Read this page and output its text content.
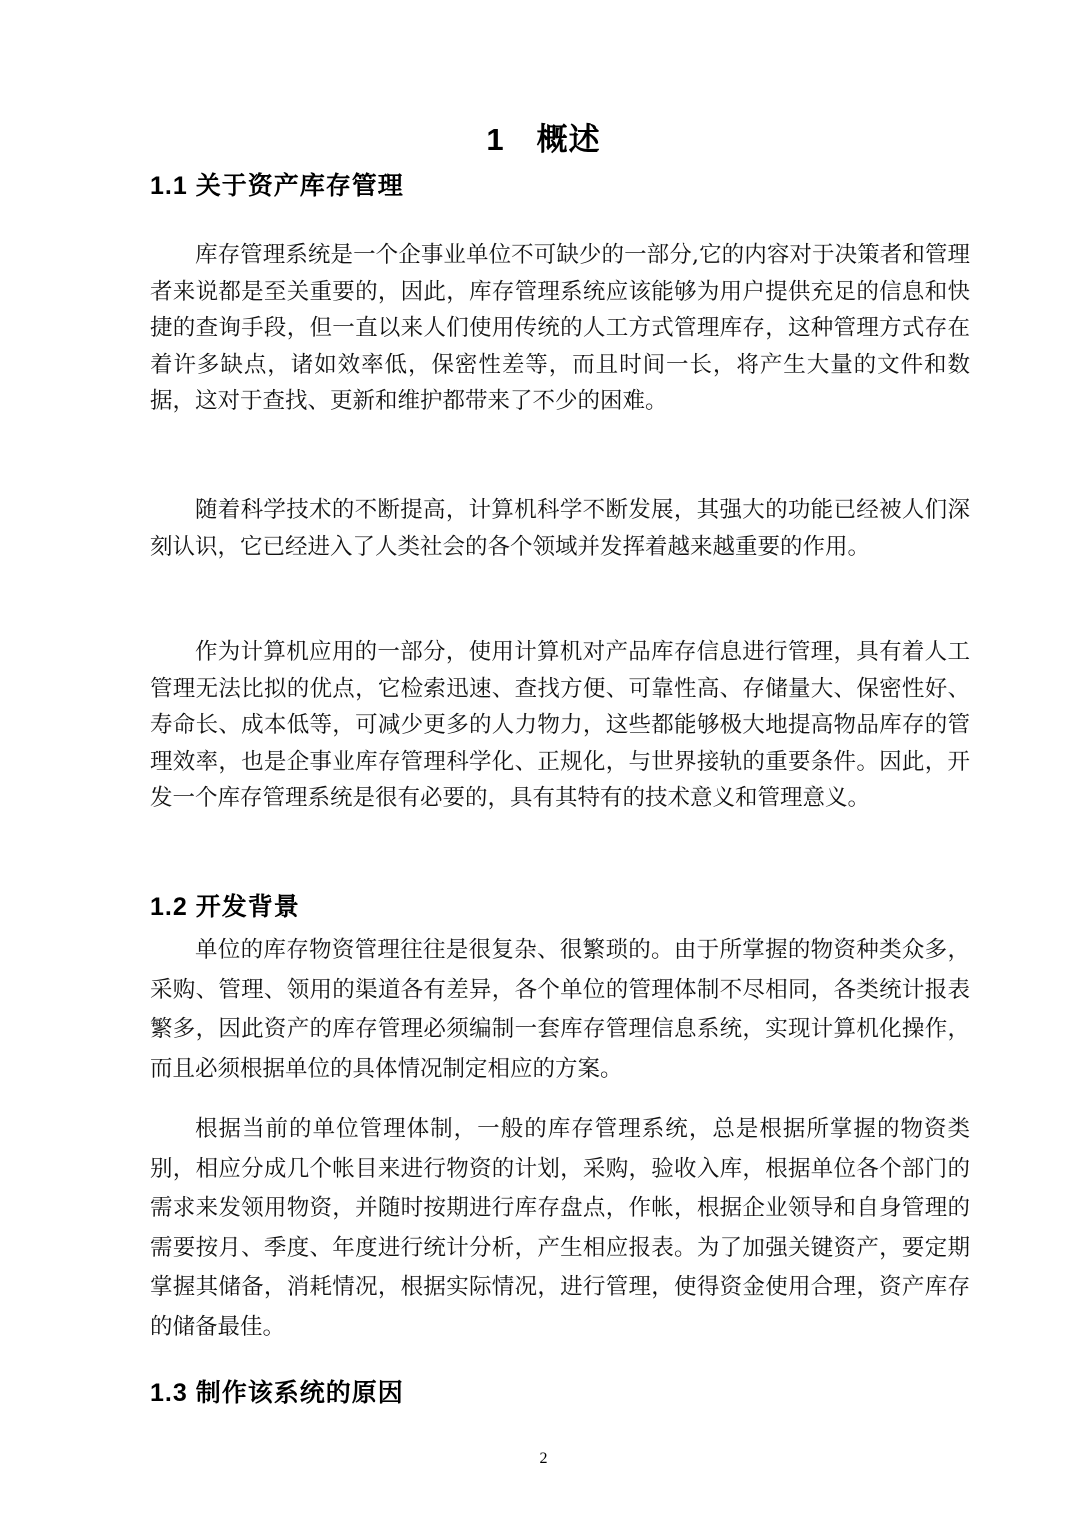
1　概述
1.1 关于资产库存管理

库存管理系统是一个企事业单位不可缺少的一部分,它的内容对于决策者和管理者来说都是至关重要的，因此，库存管理系统应该能够为用户提供充足的信息和快捷的查询手段，但一直以来人们使用传统的人工方式管理库存，这种管理方式存在着许多缺点，诸如效率低，保密性差等，而且时间一长，将产生大量的文件和数据，这对于查找、更新和维护都带来了不少的困难。

随着科学技术的不断提高，计算机科学不断发展，其强大的功能已经被人们深刻认识，它已经进入了人类社会的各个领域并发挥着越来越重要的作用。

作为计算机应用的一部分，使用计算机对产品库存信息进行管理，具有着人工管理无法比拟的优点，它检索迅速、查找方便、可靠性高、存储量大、保密性好、寿命长、成本低等，可减少更多的人力物力，这些都能够极大地提高物品库存的管理效率，也是企事业库存管理科学化、正规化，与世界接轨的重要条件。因此，开发一个库存管理系统是很有必要的，具有其特有的技术意义和管理意义。

1.2 开发背景

单位的库存物资管理往往是很复杂、很繁琐的。由于所掌握的物资种类众多，采购、管理、领用的渠道各有差异，各个单位的管理体制不尽相同，各类统计报表繁多，因此资产的库存管理必须编制一套库存管理信息系统，实现计算机化操作，而且必须根据单位的具体情况制定相应的方案。

根据当前的单位管理体制，一般的库存管理系统，总是根据所掌握的物资类别，相应分成几个帐目来进行物资的计划，采购，验收入库，根据单位各个部门的需求来发领用物资，并随时按期进行库存盘点，作帐，根据企业领导和自身管理的需要按月、季度、年度进行统计分析，产生相应报表。为了加强关键资产，要定期掌握其储备，消耗情况，根据实际情况，进行管理，使得资金使用合理，资产库存的储备最佳。

1.3 制作该系统的原因
2
